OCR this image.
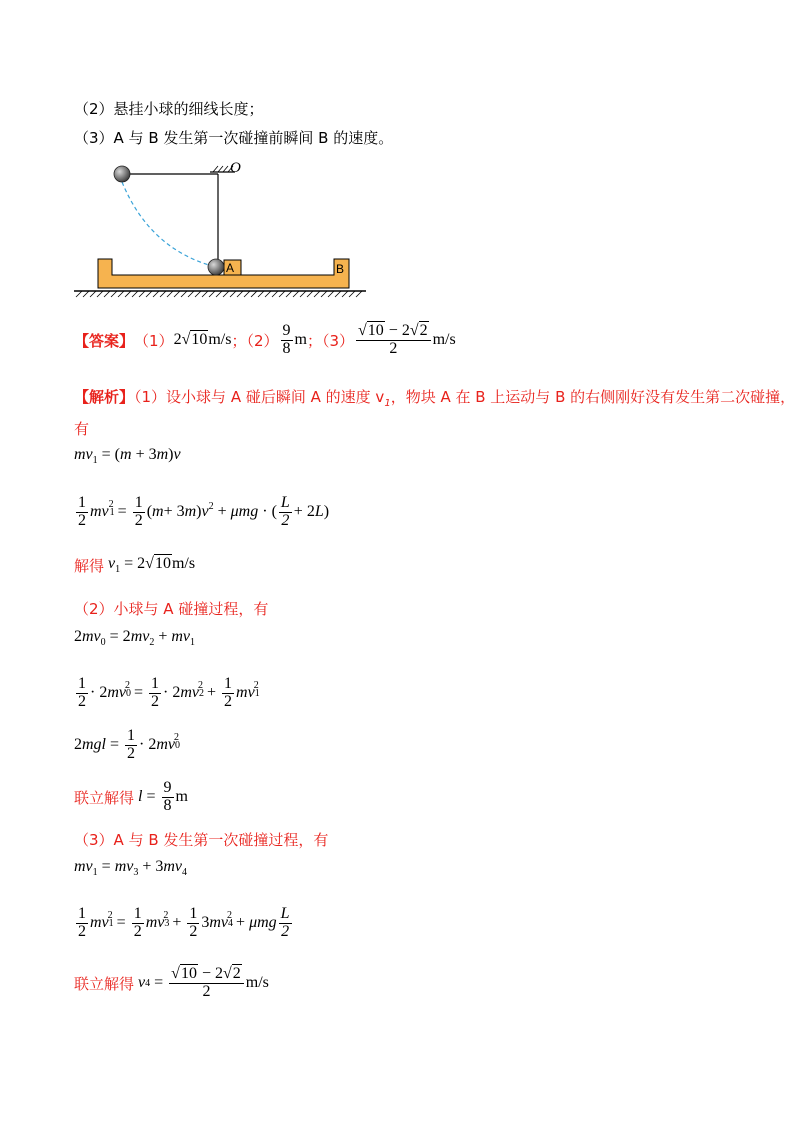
（2）悬挂小球的细线长度；
（3）A 与 B 发生第一次碰撞前瞬间 B 的速度。
O
B
A
【答案】 （1） 2√10m/s ；$(2) \frac{9}{8}$ m ；$(3) \frac{√10 - 2√2}{2} m/s$
【解析】（1）设小球与 A 碰后瞬间 A 的速度 $v_1$，物块 A 在 B 上运动与 B 的右侧刚好没有发生第二次碰撞，
有
$mv_1 = (m + 3m)v$
$\frac{1}{2}$ mv 1
$^2 = \frac{1}{2}$ ( m + 3 m ) $v^2 + \mu mg$ · ( $\frac{L}{2} + 2$ L )
解得 $v_1 = 2√10m/s$
（2）小球与 A 碰撞过程，有
$2mv_0 = 2mv_2 + mv_1$
$\frac{1}{2} \cdot 2$ mv 0
$^2 = \frac{1}{2} \cdot 2$ mv 2
$^2 + \frac{1}{2}$ mv 1
$^2$
2 mgl = $\frac{1}{2} \cdot 2$ mv 0
$^2$
联立解得
$l = \frac{9}{8}$ m
（3）A 与 B 发生第一次碰撞过程，有
$mv_1 = mv_3 + 3mv_4$
$\frac{1}{2}$ mv 1
$^2 = \frac{1}{2}$ mv 3
$^2 + \frac{1}{2} 3$ mv 4
$^2$ + μmg $\frac{L}{2}$
联立解得
v $4 = \frac{√10 - 2√2}{2} m/s$
